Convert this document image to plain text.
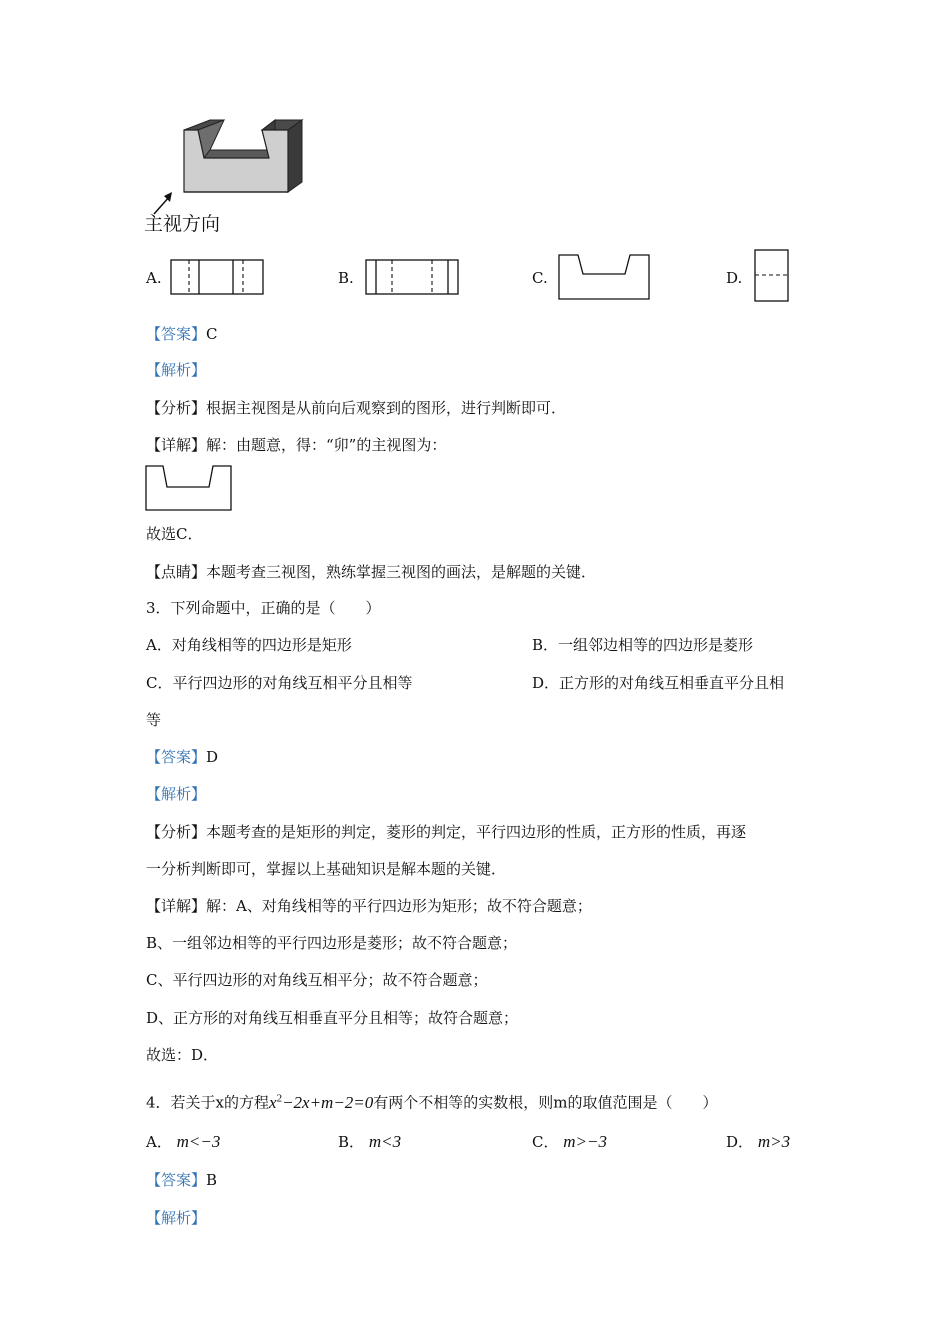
主视方向
A.	B.	C.	D.
【答案】C
【解析】
【分析】根据主视图是从前向后观察到的图形，进行判断即可．
【详解】解：由题意，得：“卯”的主视图为：
故选C．
【点睛】本题考查三视图，熟练掌握三视图的画法，是解题的关键．
3．下列命题中，正确的是（　　）
A．对角线相等的四边形是矩形	B．一组邻边相等的四边形是菱形
C．平行四边形的对角线互相平分且相等	D．正方形的对角线互相垂直平分且相
等
【答案】D
【解析】
【分析】本题考查的是矩形的判定，菱形的判定，平行四边形的性质，正方形的性质，再逐
一分析判断即可，掌握以上基础知识是解本题的关键．
【详解】解：A、对角线相等的平行四边形为矩形；故不符合题意；
B、一组邻边相等的平行四边形是菱形；故不符合题意；
C、平行四边形的对角线互相平分；故不符合题意；
D、正方形的对角线互相垂直平分且相等；故符合题意；
故选：D．
4．若关于x的方程$x^2-2x+m-2=0$有两个不相等的实数根，则m的取值范围是（　　）
A． m<−3	B． m<3	C． m>−3	D． m>3
【答案】B
【解析】
